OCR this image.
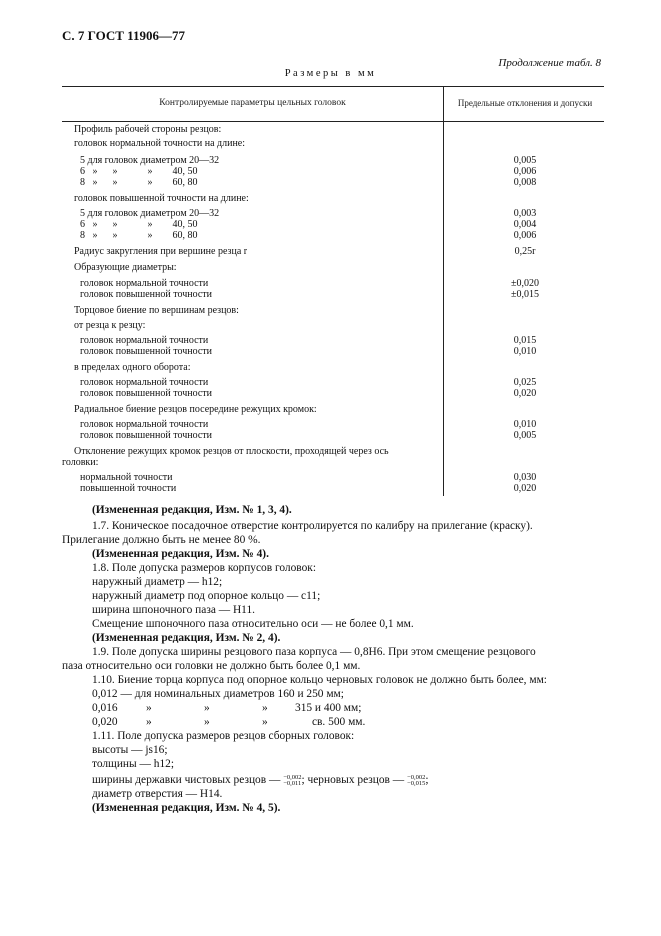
С. 7 ГОСТ 11906—77
Продолжение табл. 8
Размеры в мм
Контролируемые параметры цельных головок	Предельные отклонения и допуски
Профиль рабочей стороны резцов:
головок нормальной точности на длине:
5 для головок диаметром 20—32	0,005
6   »      »            »        40, 50	0,006
8   »      »            »        60, 80	0,008
головок повышенной точности на длине:
5 для головок диаметром 20—32	0,003
6   »      »            »        40, 50	0,004
8   »      »            »        60, 80	0,006
Радиус закругления при вершине резца r	0,25r
Образующие диаметры:
головок нормальной точности	±0,020
головок повышенной точности	±0,015
Торцовое биение по вершинам резцов:
от резца к резцу:
головок нормальной точности	0,015
головок повышенной точности	0,010
в пределах одного оборота:
головок нормальной точности	0,025
головок повышенной точности	0,020
Радиальное биение резцов посередине режущих кромок:
головок нормальной точности	0,010
головок повышенной точности	0,005
Отклонение режущих кромок резцов от плоскости, проходящей через ось
головки:
нормальной точности	0,030
повышенной точности	0,020
(Измененная редакция, Изм. № 1, 3, 4).
1.7. Коническое посадочное отверстие контролируется по калибру на прилегание (краску).
Прилегание должно быть не менее 80 %.
(Измененная редакция, Изм. № 4).
1.8. Поле допуска размеров корпусов головок:
наружный диаметр — h12;
наружный диаметр под опорное кольцо — c11;
ширина шпоночного паза — H11.
Смещение шпоночного паза относительно оси — не более 0,1 мм.
(Измененная редакция, Изм. № 2, 4).
1.9. Поле допуска ширины резцового паза корпуса — 0,8H6. При этом смещение резцового
паза относительно оси головки не должно быть более 0,1 мм.
1.10. Биение торца корпуса под опорное кольцо черновых головок не должно быть более, мм:
0,012 — для номинальных диаметров 160 и 250 мм;
0,016 »	»	» 315 и 400 мм;
0,020 »	»	»	св. 500 мм.
1.11. Поле допуска размеров резцов сборных головок:
высоты — js16;
толщины — h12;
ширины державки чистовых резцов — −0,002
−0,011 ; черновых резцов — −0,002
−0,015 ;
диаметр отверстия — H14.
(Измененная редакция, Изм. № 4, 5).
